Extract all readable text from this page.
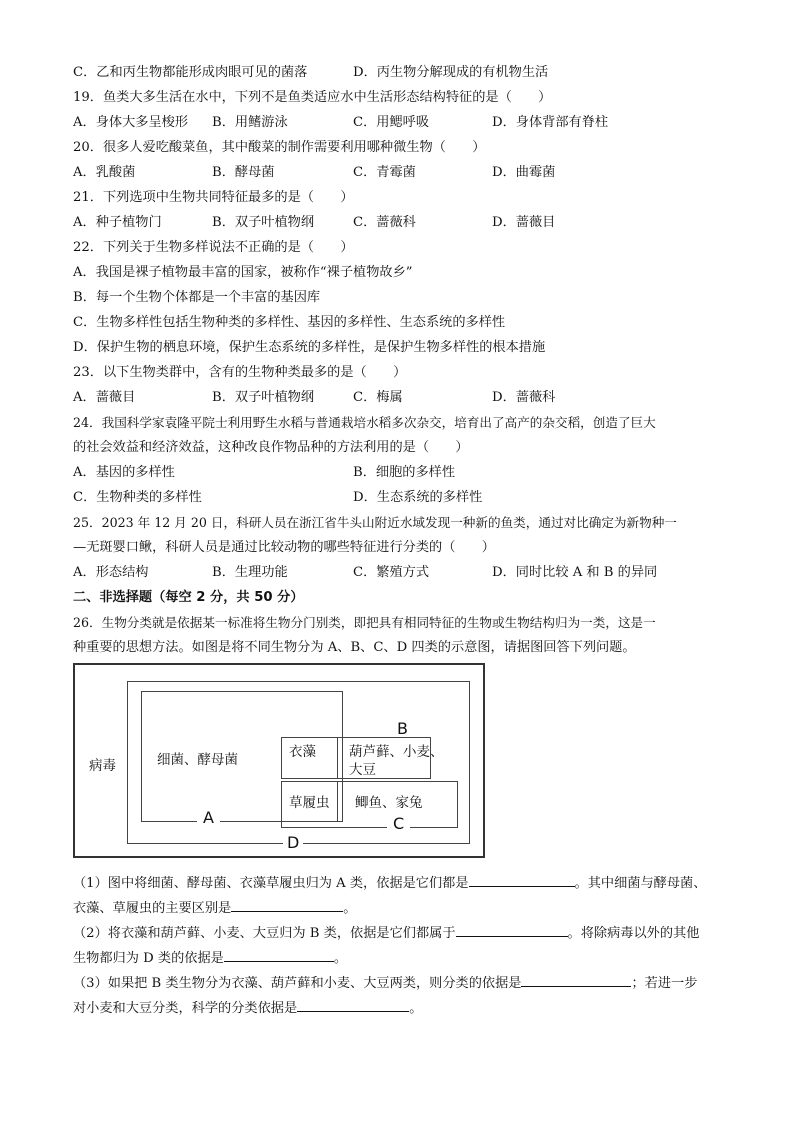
C．乙和丙生物都能形成肉眼可见的菌落	D．丙生物分解现成的有机物生活
19．鱼类大多生活在水中，下列不是鱼类适应水中生活形态结构特征的是（　　）
A．身体大多呈梭形 B．用鳍游泳	C．用鳃呼吸	D．身体背部有脊柱
20．很多人爱吃酸菜鱼，其中酸菜的制作需要利用哪种微生物（　　）
A．乳酸菌	B．酵母菌	C．青霉菌	D．曲霉菌
21．下列选项中生物共同特征最多的是（　　）
A．种子植物门	B．双子叶植物纲	C．蔷薇科	D．蔷薇目
22．下列关于生物多样说法不正确的是（　　）
A．我国是裸子植物最丰富的国家，被称作“裸子植物故乡”
B．每一个生物个体都是一个丰富的基因库
C．生物多样性包括生物种类的多样性、基因的多样性、生态系统的多样性
D．保护生物的栖息环境，保护生态系统的多样性，是保护生物多样性的根本措施
23．以下生物类群中，含有的生物种类最多的是（　　）
A．蔷薇目	B．双子叶植物纲	C．梅属	D．蔷薇科
24．我国科学家袁隆平院士利用野生水稻与普通栽培水稻多次杂交，培育出了高产的杂交稻，创造了巨大
的社会效益和经济效益，这种改良作物品种的方法利用的是（　　）
A．基因的多样性	B．细胞的多样性
C．生物种类的多样性	D．生态系统的多样性
25．2023 年 12 月 20 日，科研人员在浙江省牛头山附近水域发现一种新的鱼类，通过对比确定为新物种一
—无斑婴口鳅，科研人员是通过比较动物的哪些特征进行分类的（　　）
A．形态结构	B．生理功能	C．繁殖方式	D．同时比较 A 和 B 的异同
二、非选择题（每空 2 分，共 50 分）
26．生物分类就是依据某一标准将生物分门别类，即把具有相同特征的生物或生物结构归为一类，这是一
种重要的思想方法。如图是将不同生物分为 A、B、C、D 四类的示意图，请据图回答下列问题。
病毒	细菌、酵母菌	衣藻 葫芦藓、小麦、
大豆
草履虫 鲫鱼、家兔
B
A	C
D
（1）图中将细菌、酵母菌、衣藻草履虫归为 A 类，依据是它们都是	。其中细菌与酵母菌、
衣藻、草履虫的主要区别是	。
（2）将衣藻和葫芦藓、小麦、大豆归为 B 类，依据是它们都属于	。将除病毒以外的其他
生物都归为 D 类的依据是	。
（3）如果把 B 类生物分为衣藻、葫芦藓和小麦、大豆两类，则分类的依据是	；若进一步
对小麦和大豆分类，科学的分类依据是	。
